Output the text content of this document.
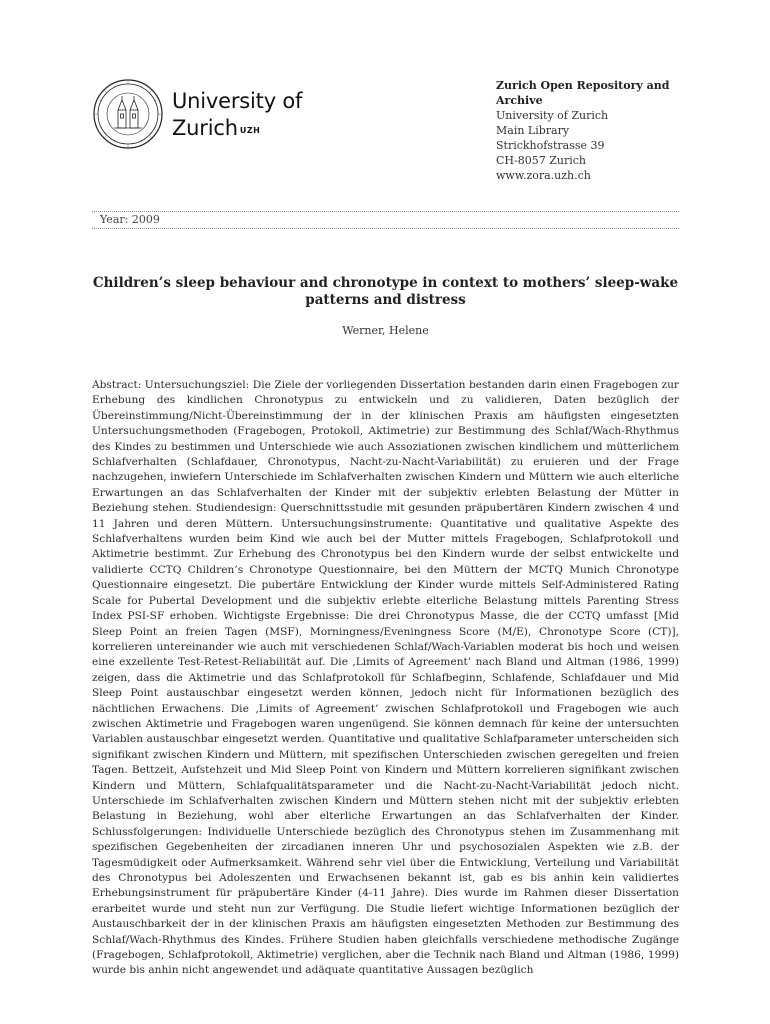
University of
Zurich $^{UZH}$
Zurich Open Repository and
Archive
University of Zurich
Main Library
Strickhofstrasse 39
CH-8057 Zurich
www.zora.uzh.ch
Year: 2009
Children’s sleep behaviour and chronotype in context to mothers’ sleep-wake patterns and distress
Werner, Helene

Abstract: Untersuchungsziel: Die Ziele der vorliegenden Dissertation bestanden darin einen Fragebogen zur Erhebung des kindlichen Chronotypus zu entwickeln und zu validieren, Daten bezüglich der Übereinstimmung/Nicht-Übereinstimmung der in der klinischen Praxis am häufigsten eingesetzten Untersuchungsmethoden (Fragebogen, Protokoll, Aktimetrie) zur Bestimmung des Schlaf/Wach-Rhythmus des Kindes zu bestimmen und Unterschiede wie auch Assoziationen zwischen kindlichem und mütterlichem Schlafverhalten (Schlafdauer, Chronotypus, Nacht-zu-Nacht-Variabilität) zu eruieren und der Frage nachzugehen, inwiefern Unterschiede im Schlafverhalten zwischen Kindern und Müttern wie auch elterliche Erwartungen an das Schlafverhalten der Kinder mit der subjektiv erlebten Belastung der Mütter in Beziehung stehen. Studiendesign: Querschnittsstudie mit gesunden präpubertären Kindern zwischen 4 und 11 Jahren und deren Müttern. Untersuchungsinstrumente: Quantitative und qualitative Aspekte des Schlafverhaltens wurden beim Kind wie auch bei der Mutter mittels Fragebogen, Schlafprotokoll und Aktimetrie bestimmt. Zur Erhebung des Chronotypus bei den Kindern wurde der selbst entwickelte und validierte CCTQ Children’s Chronotype Questionnaire, bei den Müttern der MCTQ Munich Chronotype Questionnaire eingesetzt. Die pubertäre Entwicklung der Kinder wurde mittels Self-Administered Rating Scale for Pubertal Development und die subjektiv erlebte elterliche Belastung mittels Parenting Stress Index PSI-SF erhoben. Wichtigste Ergebnisse: Die drei Chronotypus Masse, die der CCTQ umfasst [Mid Sleep Point an freien Tagen (MSF), Morningness/Eveningness Score (M/E), Chronotype Score (CT)], korrelieren untereinander wie auch mit verschiedenen Schlaf/Wach-Variablen moderat bis hoch und weisen eine exzellente Test-Retest-Reliabilität auf. Die ‚Limits of Agreement’ nach Bland und Altman (1986, 1999) zeigen, dass die Aktimetrie und das Schlafprotokoll für Schlafbeginn, Schlafende, Schlafdauer und Mid Sleep Point austauschbar eingesetzt werden können, jedoch nicht für Informationen bezüglich des nächtlichen Erwachens. Die ‚Limits of Agreement’ zwischen Schlafprotokoll und Fragebogen wie auch zwischen Aktimetrie und Fragebogen waren ungenügend. Sie können demnach für keine der untersuchten Variablen austauschbar eingesetzt werden. Quantitative und qualitative Schlafparameter unterscheiden sich signifikant zwischen Kindern und Müttern, mit spezifischen Unterschieden zwischen geregelten und freien Tagen. Bettzeit, Aufstehzeit und Mid Sleep Point von Kindern und Müttern korrelieren signifikant zwischen Kindern und Müttern, Schlafqualitätsparameter und die Nacht-zu-Nacht-Variabilität jedoch nicht. Unterschiede im Schlafverhalten zwischen Kindern und Müttern stehen nicht mit der subjektiv erlebten Belastung in Beziehung, wohl aber elterliche Erwartungen an das Schlafverhalten der Kinder. Schlussfolgerungen: Individuelle Unterschiede bezüglich des Chronotypus stehen im Zusammenhang mit spezifischen Gegebenheiten der zircadianen inneren Uhr und psychosozialen Aspekten wie z.B. der Tagesmüdigkeit oder Aufmerksamkeit. Während sehr viel über die Entwicklung, Verteilung und Variabilität des Chronotypus bei Adoleszenten und Erwachsenen bekannt ist, gab es bis anhin kein validiertes Erhebungsinstrument für präpubertäre Kinder (4-11 Jahre). Dies wurde im Rahmen dieser Dissertation erarbeitet wurde und steht nun zur Verfügung. Die Studie liefert wichtige Informationen bezüglich der Austauschbarkeit der in der klinischen Praxis am häufigsten eingesetzten Methoden zur Bestimmung des Schlaf/Wach-Rhythmus des Kindes. Frühere Studien haben gleichfalls verschiedene methodische Zugänge (Fragebogen, Schlafprotokoll, Aktimetrie) verglichen, aber die Technik nach Bland und Altman (1986, 1999) wurde bis anhin nicht angewendet und adäquate quantitative Aussagen bezüglich
